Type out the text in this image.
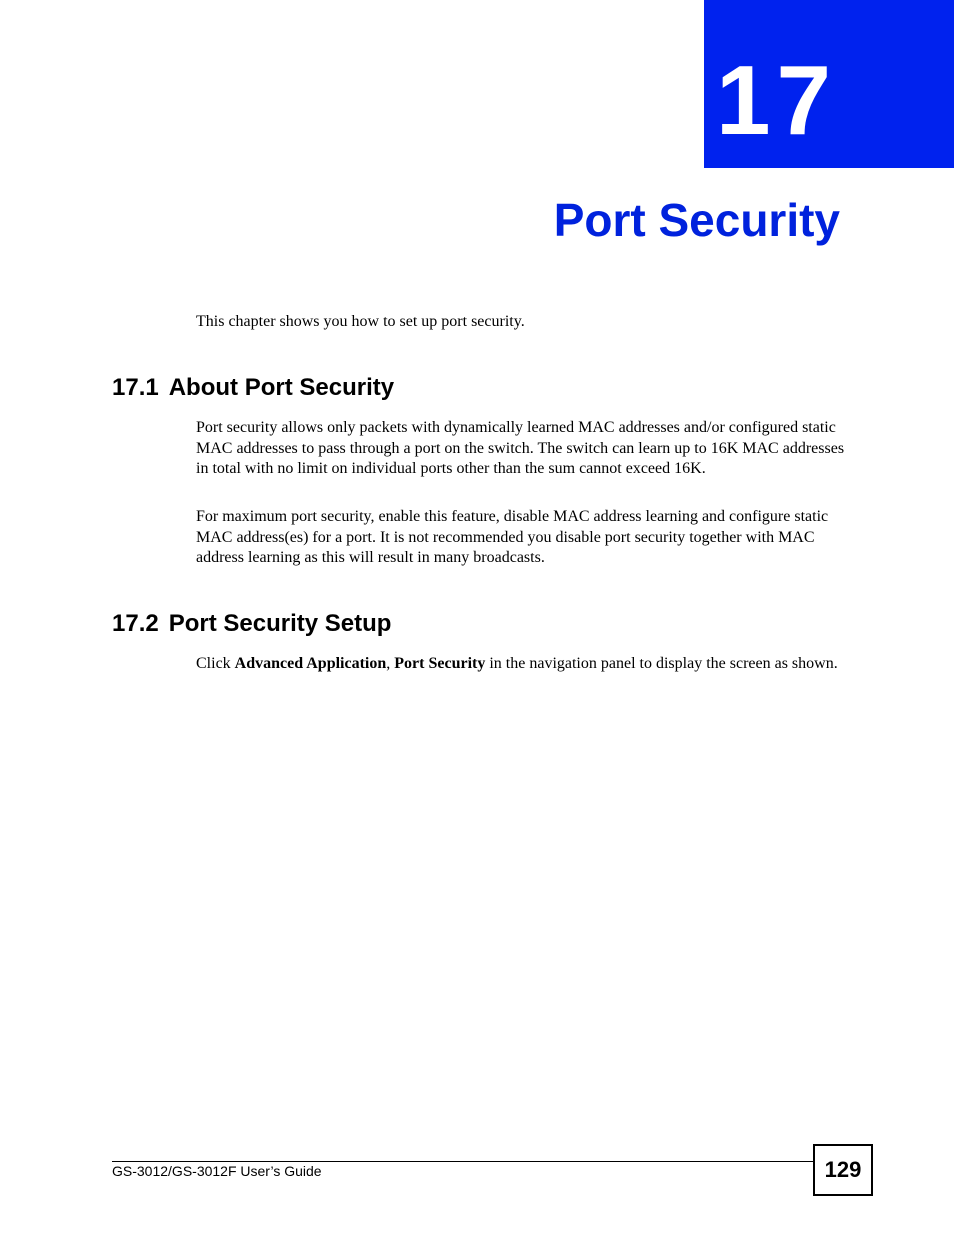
17
Port Security

This chapter shows you how to set up port security.

17.1 About Port Security

Port security allows only packets with dynamically learned MAC addresses and/or configured static MAC addresses to pass through a port on the switch. The switch can learn up to 16K MAC addresses in total with no limit on individual ports other than the sum cannot exceed 16K.

For maximum port security, enable this feature, disable MAC address learning and configure static MAC address(es) for a port. It is not recommended you disable port security together with MAC address learning as this will result in many broadcasts.

17.2 Port Security Setup

Click Advanced Application, Port Security in the navigation panel to display the screen as shown.

GS-3012/GS-3012F User’s Guide	129
